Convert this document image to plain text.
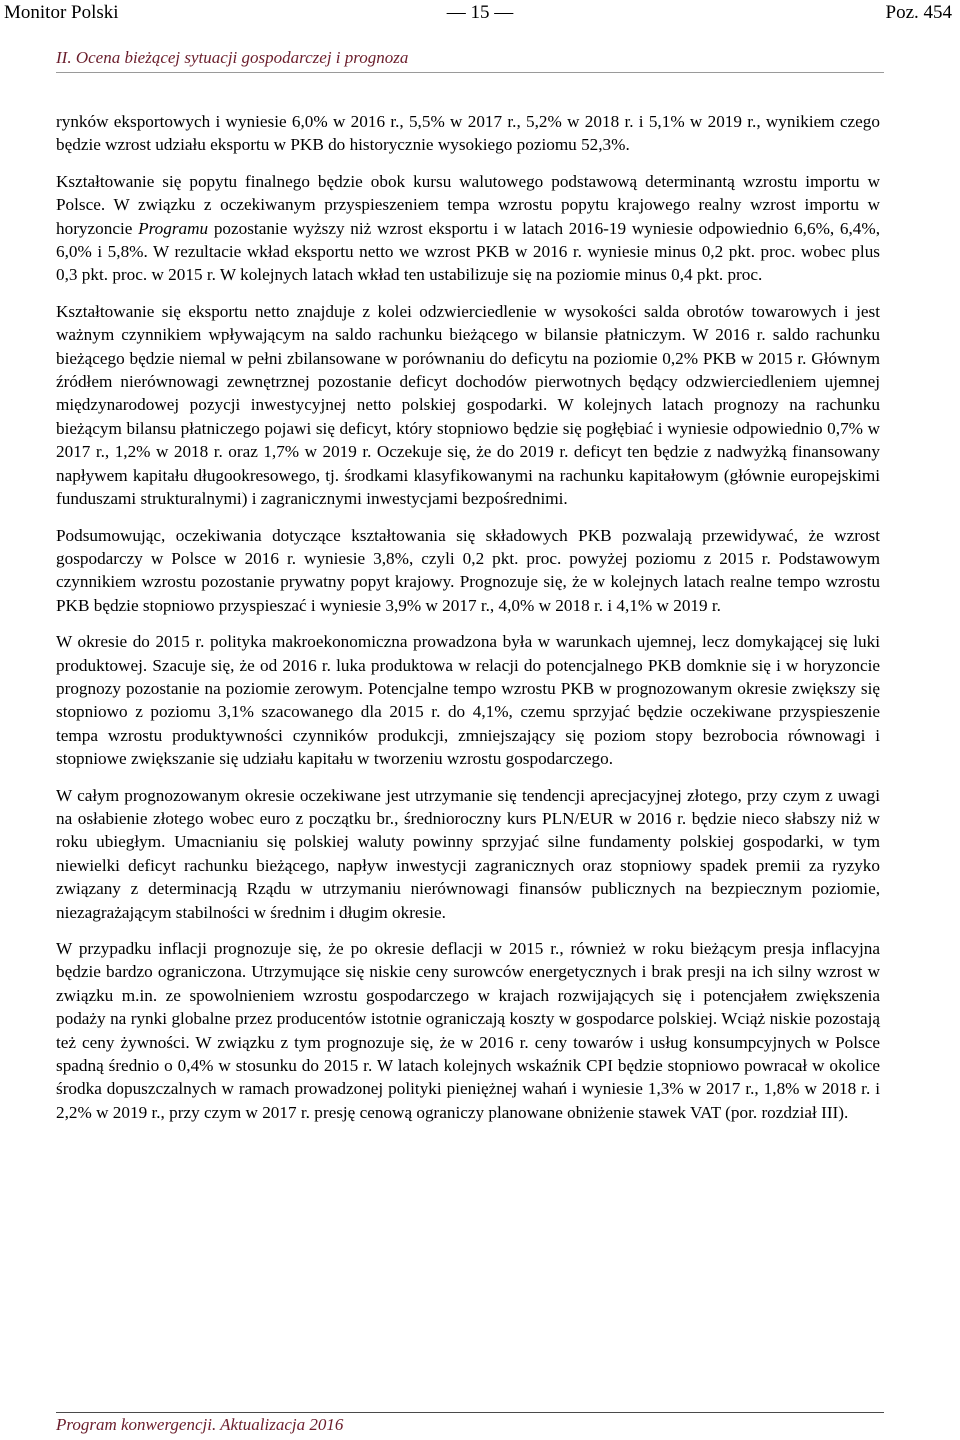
Monitor Polski	— 15 —	Poz. 454
II. Ocena bieżącej sytuacji gospodarczej i prognoza

rynków eksportowych i wyniesie 6,0% w 2016 r., 5,5% w 2017 r., 5,2% w 2018 r. i 5,1% w 2019 r., wynikiem czego będzie wzrost udziału eksportu w PKB do historycznie wysokiego poziomu 52,3%.

Kształtowanie się popytu finalnego będzie obok kursu walutowego podstawową determinantą wzrostu importu w Polsce. W związku z oczekiwanym przyspieszeniem tempa wzrostu popytu krajowego realny wzrost importu w horyzoncie Programu pozostanie wyższy niż wzrost eksportu i w latach 2016-19 wyniesie odpowiednio 6,6%, 6,4%, 6,0% i 5,8%. W rezultacie wkład eksportu netto we wzrost PKB w 2016 r. wyniesie minus 0,2 pkt. proc. wobec plus 0,3 pkt. proc. w 2015 r. W kolejnych latach wkład ten ustabilizuje się na poziomie minus 0,4 pkt. proc.

Kształtowanie się eksportu netto znajduje z kolei odzwierciedlenie w wysokości salda obrotów towarowych i jest ważnym czynnikiem wpływającym na saldo rachunku bieżącego w bilansie płatniczym. W 2016 r. saldo rachunku bieżącego będzie niemal w pełni zbilansowane w porównaniu do deficytu na poziomie 0,2% PKB w 2015 r. Głównym źródłem nierównowagi zewnętrznej pozostanie deficyt dochodów pierwotnych będący odzwierciedleniem ujemnej międzynarodowej pozycji inwestycyjnej netto polskiej gospodarki. W kolejnych latach prognozy na rachunku bieżącym bilansu płatniczego pojawi się deficyt, który stopniowo będzie się pogłębiać i wyniesie odpowiednio 0,7% w 2017 r., 1,2% w 2018 r. oraz 1,7% w 2019 r. Oczekuje się, że do 2019 r. deficyt ten będzie z nadwyżką finansowany napływem kapitału długookresowego, tj. środkami klasyfikowanymi na rachunku kapitałowym (głównie europejskimi funduszami strukturalnymi) i zagranicznymi inwestycjami bezpośrednimi.

Podsumowując, oczekiwania dotyczące kształtowania się składowych PKB pozwalają przewidywać, że wzrost gospodarczy w Polsce w 2016 r. wyniesie 3,8%, czyli 0,2 pkt. proc. powyżej poziomu z 2015 r. Podstawowym czynnikiem wzrostu pozostanie prywatny popyt krajowy. Prognozuje się, że w kolejnych latach realne tempo wzrostu PKB będzie stopniowo przyspieszać i wyniesie 3,9% w 2017 r., 4,0% w 2018 r. i 4,1% w 2019 r.

W okresie do 2015 r. polityka makroekonomiczna prowadzona była w warunkach ujemnej, lecz domykającej się luki produktowej. Szacuje się, że od 2016 r. luka produktowa w relacji do potencjalnego PKB domknie się i w horyzoncie prognozy pozostanie na poziomie zerowym. Potencjalne tempo wzrostu PKB w prognozowanym okresie zwiększy się stopniowo z poziomu 3,1% szacowanego dla 2015 r. do 4,1%, czemu sprzyjać będzie oczekiwane przyspieszenie tempa wzrostu produktywności czynników produkcji, zmniejszający się poziom stopy bezrobocia równowagi i stopniowe zwiększanie się udziału kapitału w tworzeniu wzrostu gospodarczego.

W całym prognozowanym okresie oczekiwane jest utrzymanie się tendencji aprecjacyjnej złotego, przy czym z uwagi na osłabienie złotego wobec euro z początku br., średnioroczny kurs PLN/EUR w 2016 r. będzie nieco słabszy niż w roku ubiegłym. Umacnianiu się polskiej waluty powinny sprzyjać silne fundamenty polskiej gospodarki, w tym niewielki deficyt rachunku bieżącego, napływ inwestycji zagranicznych oraz stopniowy spadek premii za ryzyko związany z determinacją Rządu w utrzymaniu nierównowagi finansów publicznych na bezpiecznym poziomie, niezagrażającym stabilności w średnim i długim okresie.

W przypadku inflacji prognozuje się, że po okresie deflacji w 2015 r., również w roku bieżącym presja inflacyjna będzie bardzo ograniczona. Utrzymujące się niskie ceny surowców energetycznych i brak presji na ich silny wzrost w związku m.in. ze spowolnieniem wzrostu gospodarczego w krajach rozwijających się i potencjałem zwiększenia podaży na rynki globalne przez producentów istotnie ograniczają koszty w gospodarce polskiej. Wciąż niskie pozostają też ceny żywności. W związku z tym prognozuje się, że w 2016 r. ceny towarów i usług konsumpcyjnych w Polsce spadną średnio o 0,4% w stosunku do 2015 r. W latach kolejnych wskaźnik CPI będzie stopniowo powracał w okolice środka dopuszczalnych w ramach prowadzonej polityki pieniężnej wahań i wyniesie 1,3% w 2017 r., 1,8% w 2018 r. i 2,2% w 2019 r., przy czym w 2017 r. presję cenową ograniczy planowane obniżenie stawek VAT (por. rozdział III).

Program konwergencji. Aktualizacja 2016
